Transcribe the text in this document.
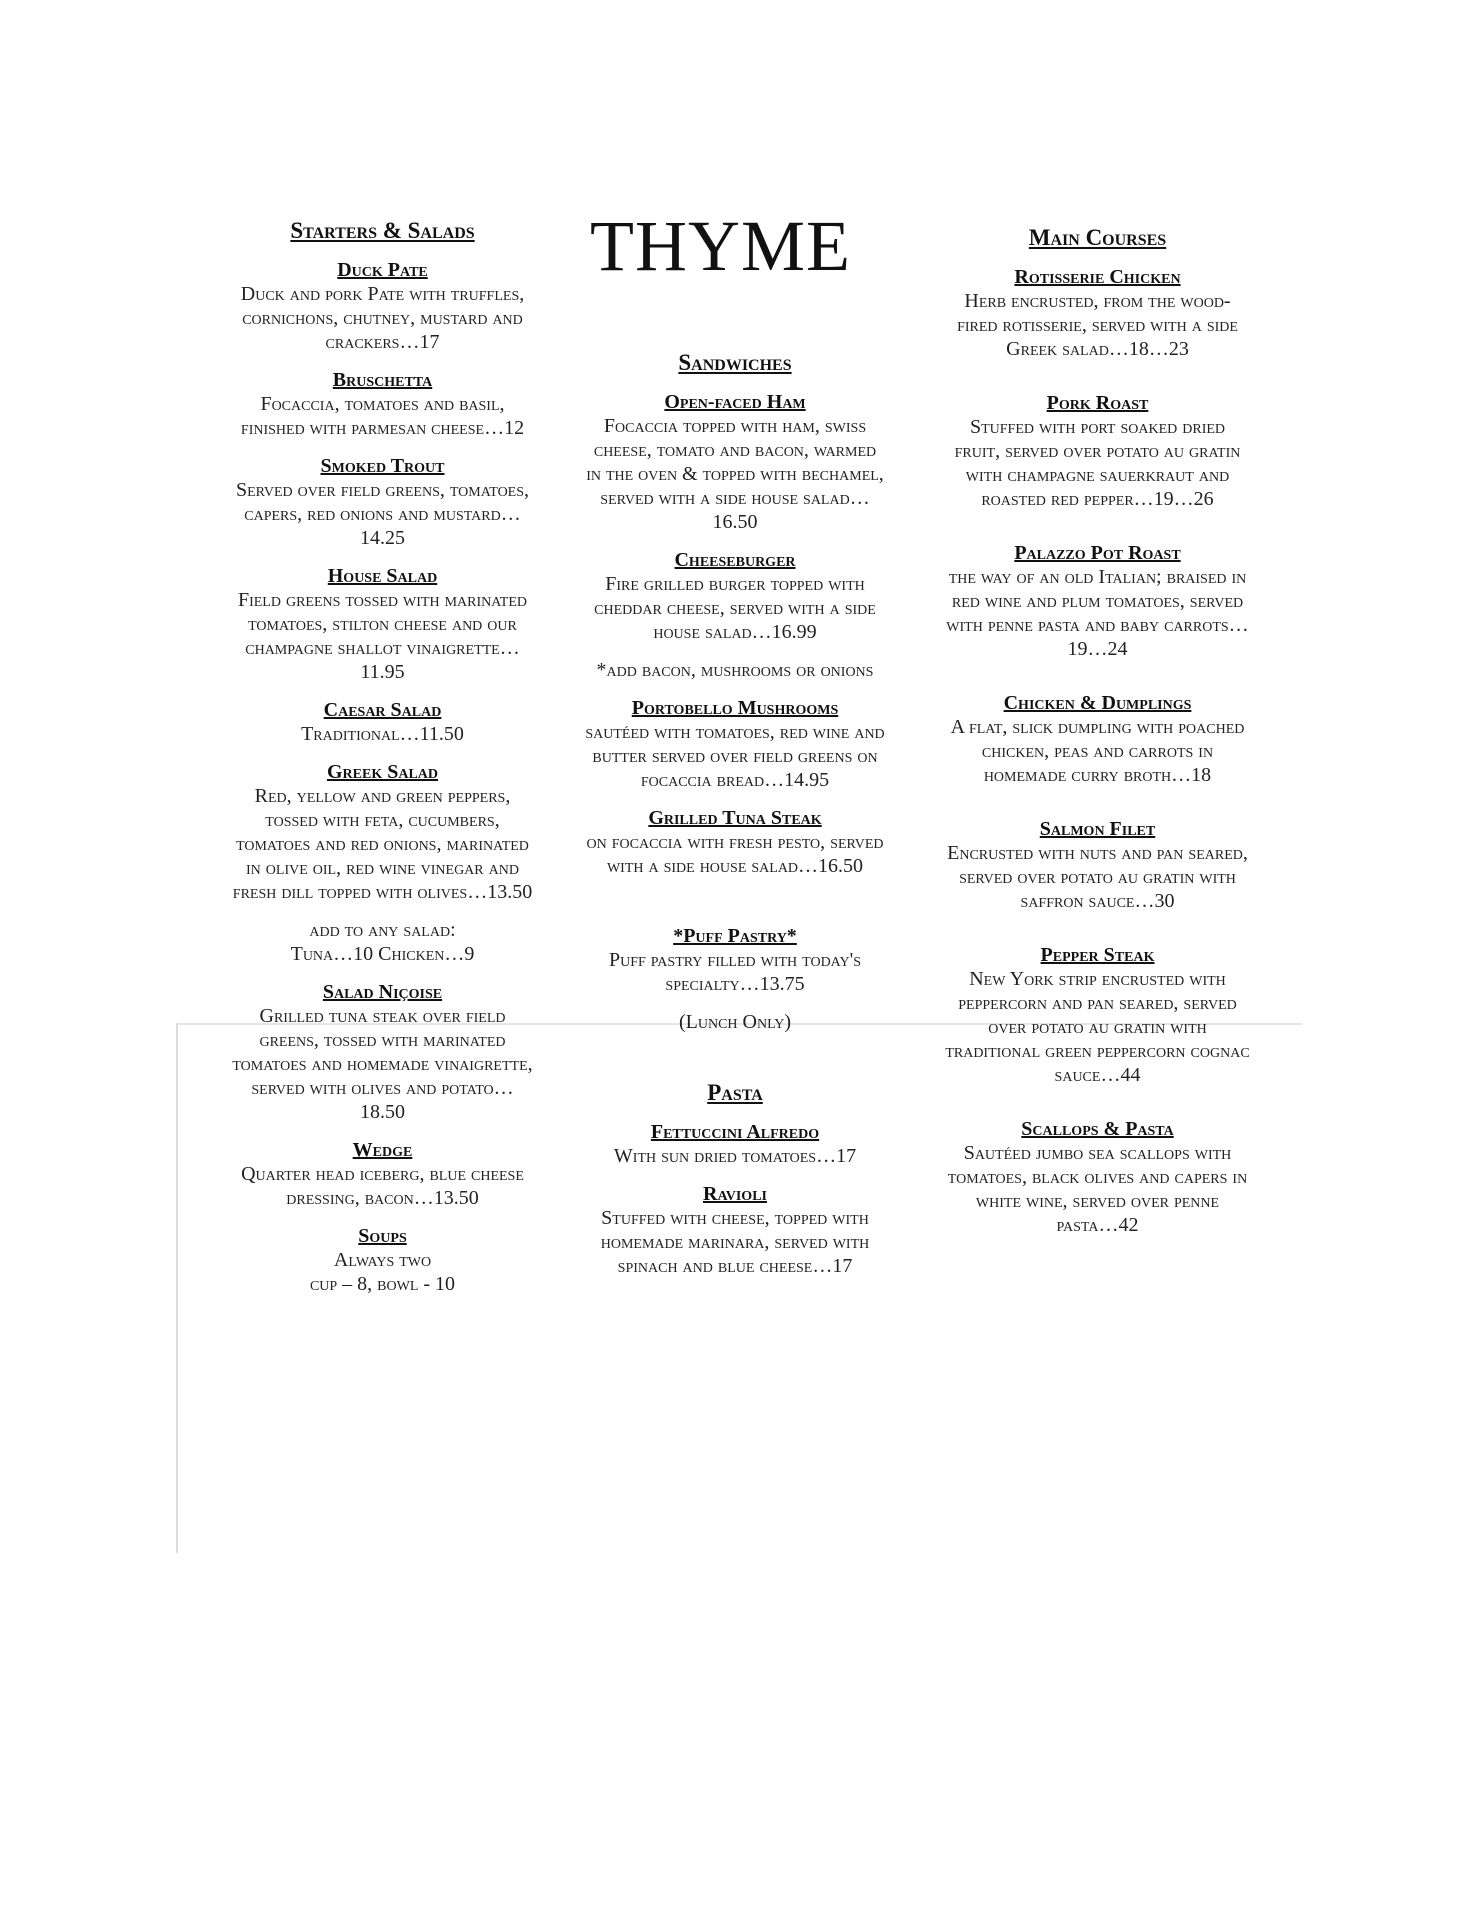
THYME
Starters & Salads
Duck Pate
Duck and pork Pate with truffles, cornichons, chutney, mustard and crackers…17
Bruschetta
Focaccia, tomatoes and basil, finished with parmesan cheese…12
Smoked Trout
Served over field greens, tomatoes, capers, red onions and mustard…14.25
House Salad
Field greens tossed with marinated tomatoes, stilton cheese and our champagne shallot vinaigrette…11.95
Caesar Salad
Traditional…11.50
Greek Salad
Red, yellow and green peppers, tossed with feta, cucumbers, tomatoes and red onions, marinated in olive oil, red wine vinegar and fresh dill topped with olives…13.50
add to any salad:
Tuna…10 Chicken…9
Salad Niçoise
Grilled tuna steak over field greens, tossed with marinated tomatoes and homemade vinaigrette, served with olives and potato…18.50
Wedge
Quarter head iceberg, blue cheese dressing, bacon…13.50
Soups
Always two
cup – 8, bowl - 10
Sandwiches
Open-faced Ham
Focaccia topped with ham, swiss cheese, tomato and bacon, warmed in the oven & topped with bechamel, served with a side house salad…16.50
Cheeseburger
Fire grilled burger topped with cheddar cheese, served with a side house salad…16.99
*add bacon, mushrooms or onions
Portobello Mushrooms
sautéed with tomatoes, red wine and butter served over field greens on focaccia bread…14.95
Grilled Tuna Steak
on focaccia with fresh pesto, served with a side house salad…16.50
*Puff Pastry*
Puff pastry filled with today's specialty…13.75
(Lunch Only)
Pasta
Fettuccini Alfredo
With sun dried tomatoes…17
Ravioli
Stuffed with cheese, topped with homemade marinara, served with spinach and blue cheese…17
Main Courses
Rotisserie Chicken
Herb encrusted, from the wood-fired rotisserie, served with a side Greek salad…18…23
Pork Roast
Stuffed with port soaked dried fruit, served over potato au gratin with champagne sauerkraut and roasted red pepper…19…26
Palazzo Pot Roast
the way of an old Italian; braised in red wine and plum tomatoes, served with penne pasta and baby carrots…19…24
Chicken & Dumplings
A flat, slick dumpling with poached chicken, peas and carrots in homemade curry broth…18
Salmon Filet
Encrusted with nuts and pan seared, served over potato au gratin with saffron sauce…30
Pepper Steak
New York strip encrusted with peppercorn and pan seared, served over potato au gratin with traditional green peppercorn cognac sauce…44
Scallops & Pasta
Sautéed jumbo sea scallops with tomatoes, black olives and capers in white wine, served over penne pasta…42
